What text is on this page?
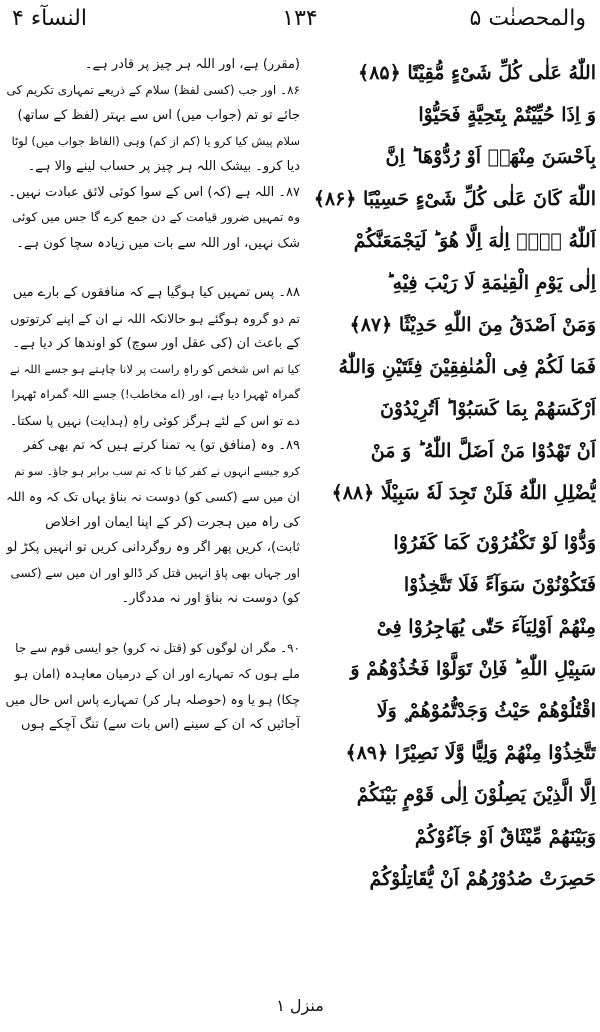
النسآء ۴	۱۳۴	والمحصنٰت ۵
(مقرر) ہے، اور اللہ ہر چیز پر قادر ہے۔
۸۶۔ اور جب (کسی لفظ) سلام کے ذریعے تمہاری تکریم کی
جائے تو تم (جواب میں) اس سے بہتر (لفظ کے ساتھ)
سلام پیش کیا کرو یا (کم از کم) وہی (الفاظ جواب میں) لوٹا
دیا کرو۔ بیشک اللہ ہر چیز پر حساب لینے والا ہے۔
۸۷۔ اللہ ہے (کہ) اس کے سوا کوئی لائق عبادت نہیں۔
وہ تمہیں ضرور قیامت کے دن جمع کرے گا جس میں کوئی
شک نہیں، اور اللہ سے بات میں زیادہ سچا کون ہے۔
۸۸۔ پس تمہیں کیا ہوگیا ہے کہ منافقوں کے بارے میں
تم دو گروہ ہوگئے ہو حالانکہ اللہ نے ان کے اپنے کرتوتوں
کے باعث ان (کی عقل اور سوچ) کو اوندھا کر دیا ہے۔
کیا تم اس شخص کو راہِ راست پر لانا چاہتے ہو جسے اللہ نے
گمراہ ٹھہرا دیا ہے، اور (اے مخاطب!) جسے اللہ گمراہ ٹھہرا
دے تو اس کے لئے ہرگز کوئی راہِ (ہدایت) نہیں پا سکتا۔
۸۹۔ وہ (منافق تو) یہ تمنا کرتے ہیں کہ تم بھی کفر
کرو جیسے انہوں نے کفر کیا تا کہ تم سب برابر ہو جاؤ۔ سو تم
ان میں سے (کسی کو) دوست نہ بناؤ یہاں تک کہ وہ اللہ
کی راہ میں ہجرت (کر کے اپنا ایمان اور اخلاص
ثابت)، کریں پھر اگر وہ روگردانی کریں تو انہیں پکڑ لو
اور جہاں بھی پاؤ انہیں قتل کر ڈالو اور ان میں سے (کسی
کو) دوست نہ بناؤ اور نہ مددگار۔
۹۰۔ مگر ان لوگوں کو (قتل نہ کرو) جو ایسی قوم سے جا
ملے ہوں کہ تمہارے اور ان کے درمیان معاہدہ (امان ہو
چکا) ہو یا وہ (حوصلہ ہار کر) تمہارے پاس اس حال میں
آجائیں کہ ان کے سینے (اس بات سے) تنگ آچکے ہوں
اللّٰهُ عَلٰى كُلِّ شَىْءٍ مُّقِيْتًا ﴿۸۵﴾
وَ اِذَا حُيِّيْتُمْ بِتَحِيَّةٍ فَحَيُّوْا
بِاَحْسَنَ مِنْهَاۤ اَوْ رُدُّوْهَا ؕ اِنَّ
اللّٰهَ كَانَ عَلٰى كُلِّ شَىْءٍ حَسِيْبًا ﴿۸۶﴾
اَللّٰهُ لَاۤ اِلٰهَ اِلَّا هُوَ ؕ لَيَجْمَعَنَّكُمْ
اِلٰى يَوْمِ الْقِيٰمَةِ لَا رَيْبَ فِيْهِ ؕ
وَمَنْ اَصْدَقُ مِنَ اللّٰهِ حَدِيْثًا ﴿۸۷﴾
فَمَا لَكُمْ فِى الْمُنٰفِقِيْنَ فِئَتَيْنِ وَاللّٰهُ
اَرْكَسَهُمْ بِمَا كَسَبُوْا ؕ اَتُرِيْدُوْنَ
اَنْ تَهْدُوْا مَنْ اَضَلَّ اللّٰهُ ؕ وَ مَنْ
يُّضْلِلِ اللّٰهُ فَلَنْ تَجِدَ لَهٗ سَبِيْلًا ﴿۸۸﴾
وَدُّوْا لَوْ تَكْفُرُوْنَ كَمَا كَفَرُوْا
فَتَكُوْنُوْنَ سَوَآءً فَلَا تَتَّخِذُوْا
مِنْهُمْ اَوْلِيَآءَ حَتّٰى يُهَاجِرُوْا فِىْ
سَبِيْلِ اللّٰهِ ؕ فَاِنْ تَوَلَّوْا فَخُذُوْهُمْ وَ
اقْتُلُوْهُمْ حَيْثُ وَجَدْتُّمُوْهُمْ ۪ وَلَا
تَتَّخِذُوْا مِنْهُمْ وَلِيًّا وَّلَا نَصِيْرًا ﴿۸۹﴾
اِلَّا الَّذِيْنَ يَصِلُوْنَ اِلٰى قَوْمٍ بَيْنَكُمْ
وَبَيْنَهُمْ مِّيْثَاقٌ اَوْ جَآءُوْكُمْ
حَصِرَتْ صُدُوْرُهُمْ اَنْ يُّقَاتِلُوْكُمْ
منزل ۱
